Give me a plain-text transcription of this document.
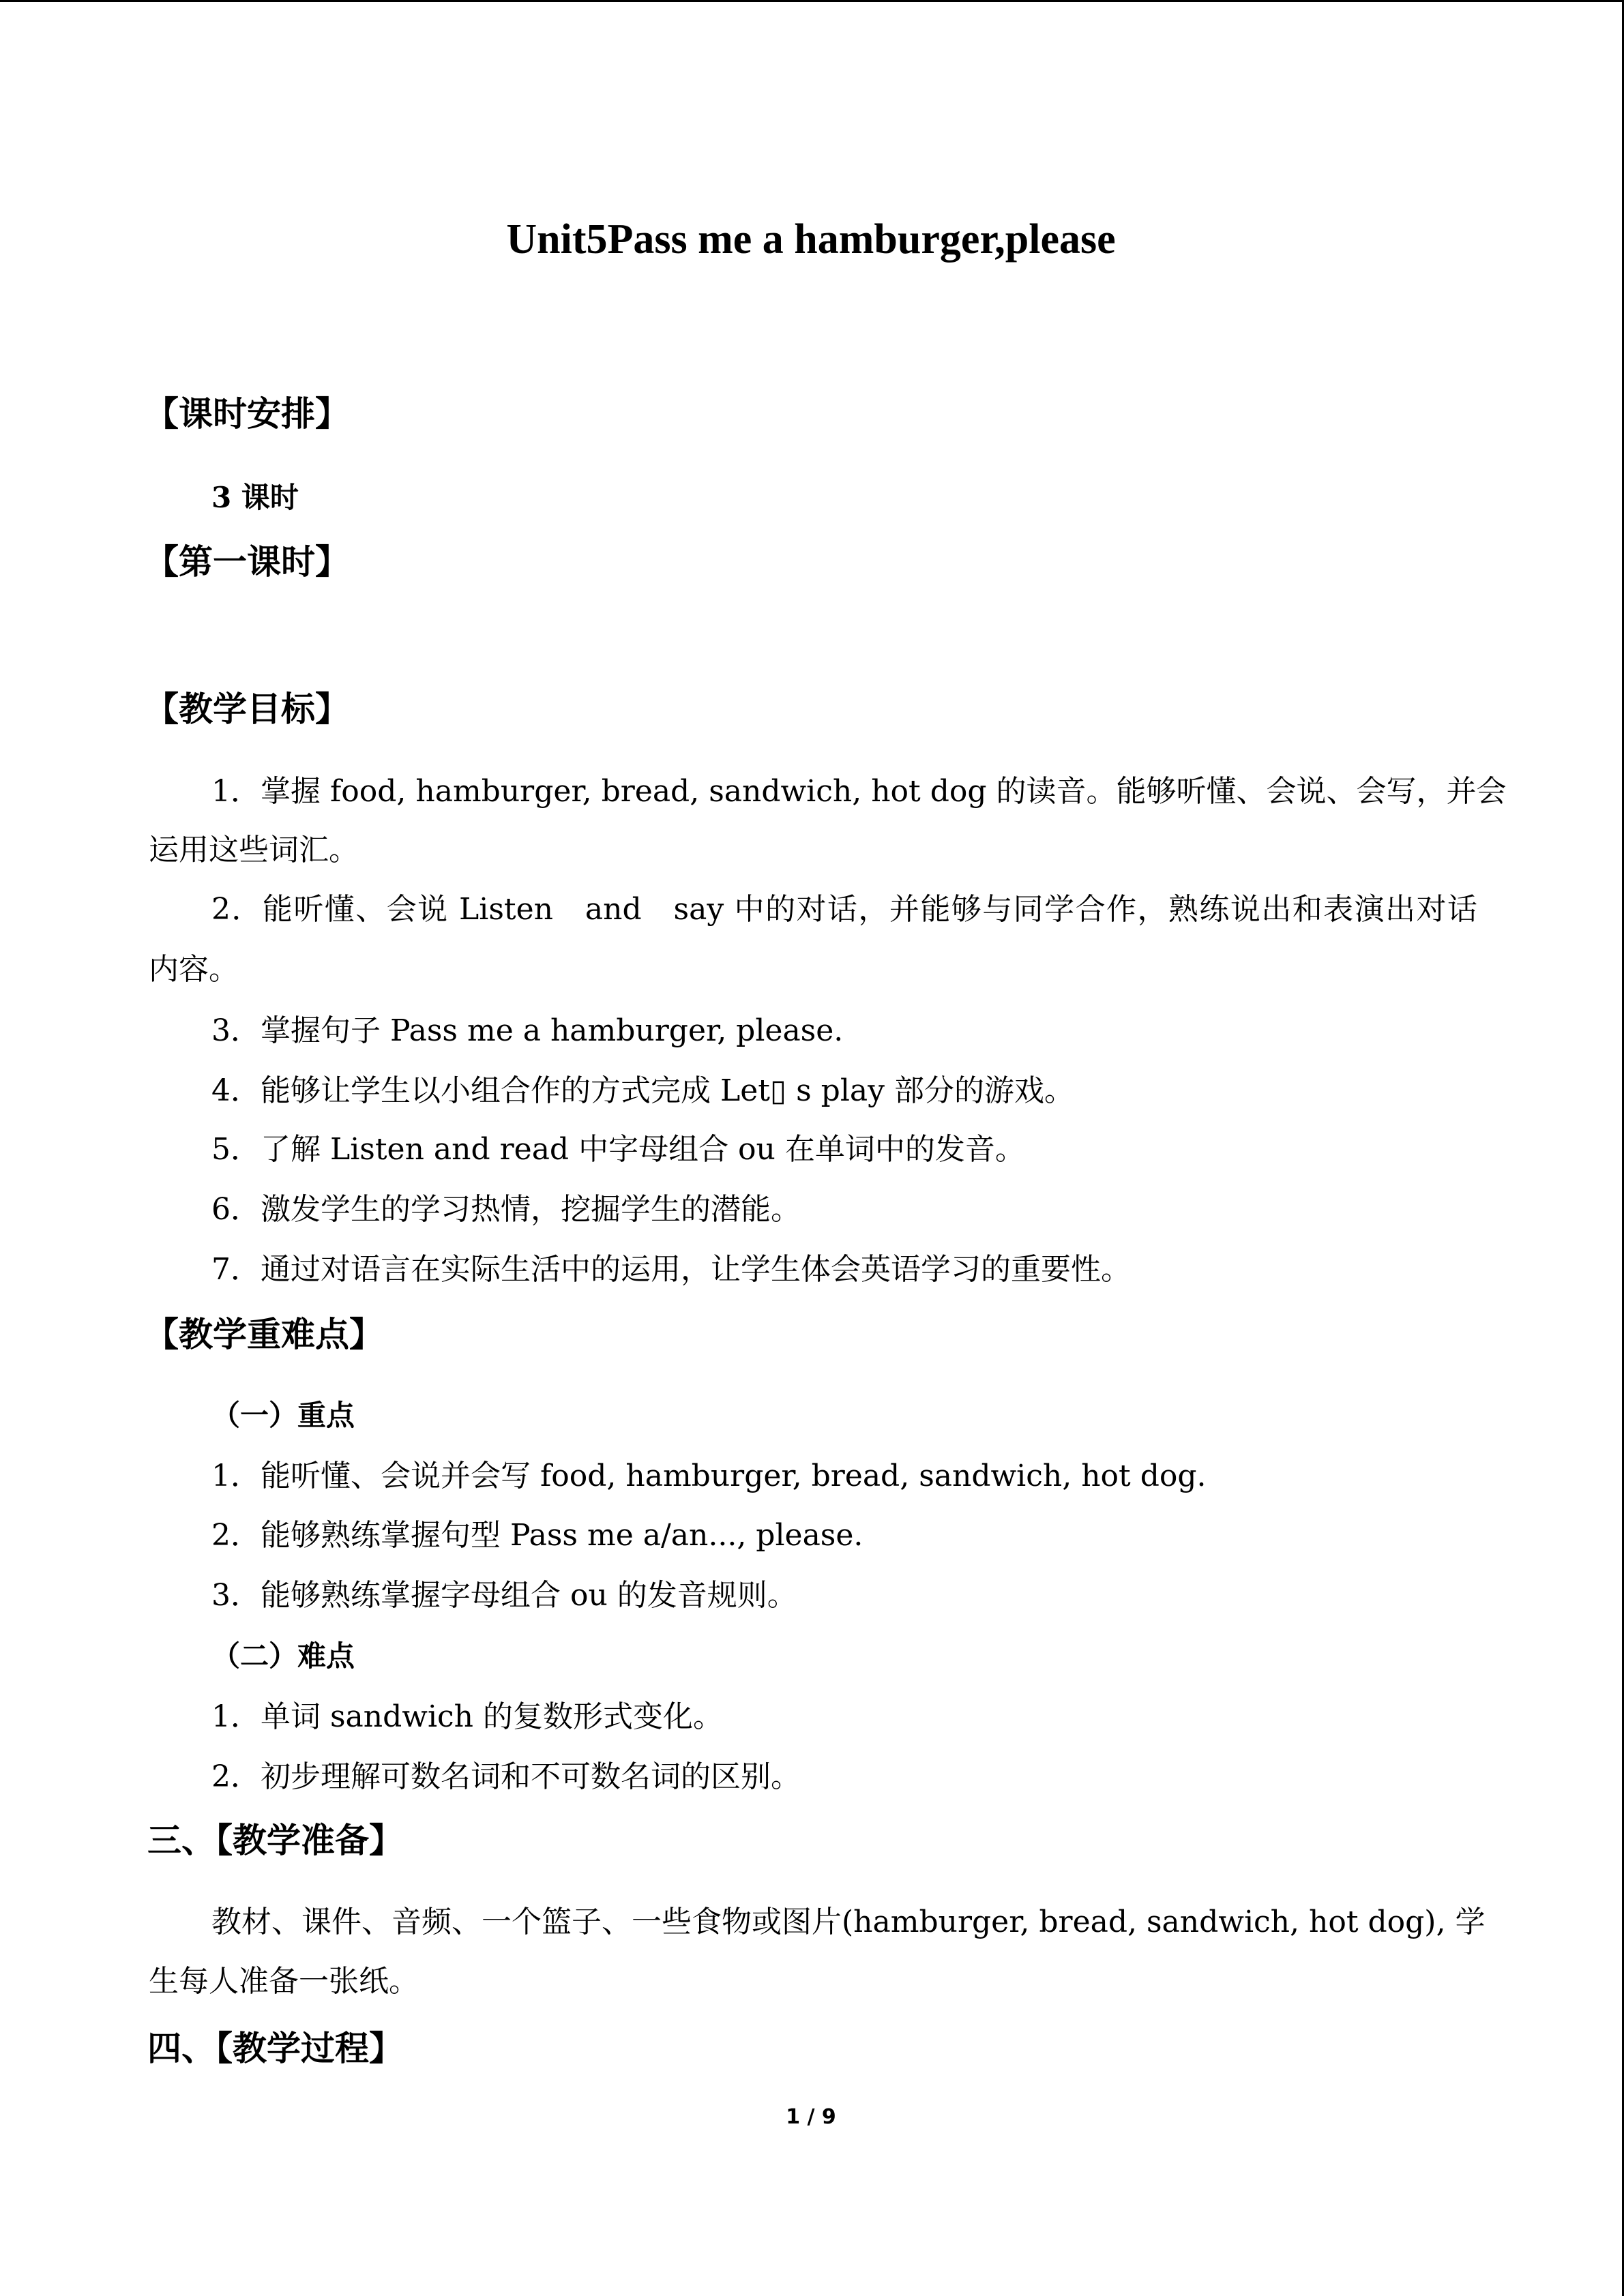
Unit5Pass me a hamburger,please
【课时安排】
3 课时
【第一课时】
【教学目标】
1．掌握 food, hamburger, bread, sandwich, hot dog 的读音。能够听懂、会说、会写，并会
运用这些词汇。
2．能听懂、会说 Listen　and　say 中的对话，并能够与同学合作，熟练说出和表演出对话
内容。
3．掌握句子 Pass me a hamburger, please.
4．能够让学生以小组合作的方式完成 Let▯ s play 部分的游戏。
5．了解 Listen and read 中字母组合 ou 在单词中的发音。
6．激发学生的学习热情，挖掘学生的潜能。
7．通过对语言在实际生活中的运用，让学生体会英语学习的重要性。
【教学重难点】
（一）重点
1．能听懂、会说并会写 food, hamburger, bread, sandwich, hot dog.
2．能够熟练掌握句型 Pass me a/an..., please.
3．能够熟练掌握字母组合 ou 的发音规则。
（二）难点
1．单词 sandwich 的复数形式变化。
2．初步理解可数名词和不可数名词的区别。
三、【教学准备】
教材、课件、音频、一个篮子、一些食物或图片(hamburger, bread, sandwich, hot dog), 学
生每人准备一张纸。
四、【教学过程】
1 / 9
